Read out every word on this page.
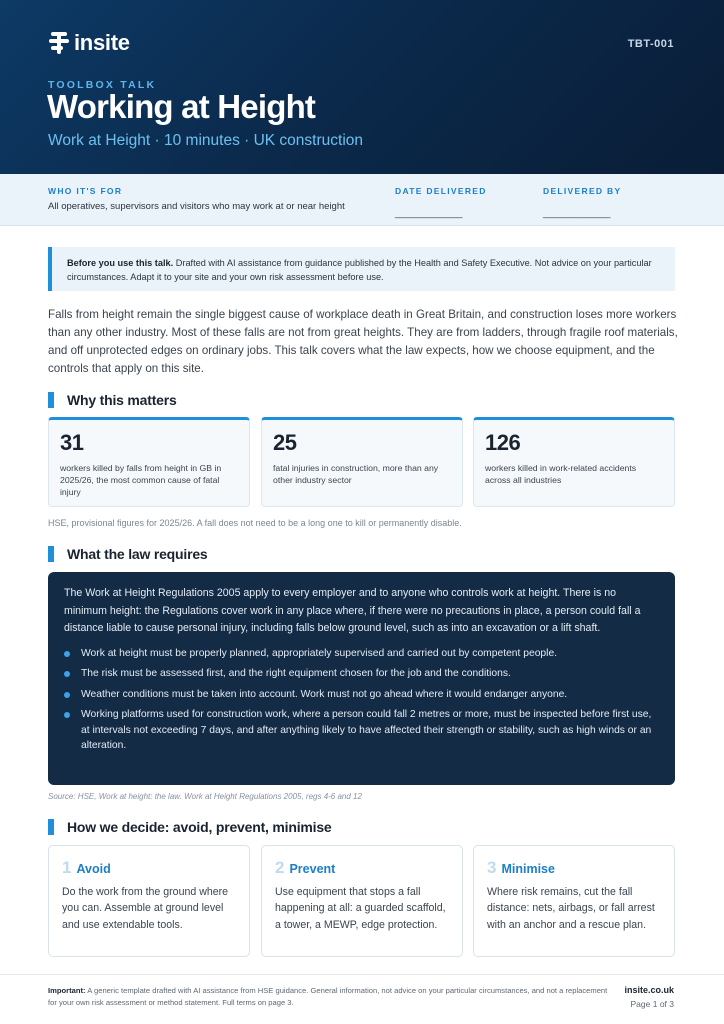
insite	TBT-001
TOOLBOX TALK
Working at Height
Work at Height · 10 minutes · UK construction
WHO IT'S FOR
All operatives, supervisors and visitors who may work at or near height
DATE DELIVERED
______________
DELIVERED BY
______________
Before you use this talk. Drafted with AI assistance from guidance published by the Health and Safety Executive. Not advice on your particular circumstances. Adapt it to your site and your own risk assessment before use.

Falls from height remain the single biggest cause of workplace death in Great Britain, and construction loses more workers than any other industry. Most of these falls are not from great heights. They are from ladders, through fragile roof materials, and off unprotected edges on ordinary jobs. This talk covers what the law expects, how we choose equipment, and the controls that apply on this site.

Why this matters
31
workers killed by falls from height in GB in 2025/26, the most common cause of fatal injury
25
fatal injuries in construction, more than any other industry sector
126
workers killed in work-related accidents across all industries
HSE, provisional figures for 2025/26. A fall does not need to be a long one to kill or permanently disable.
What the law requires

The Work at Height Regulations 2005 apply to every employer and to anyone who controls work at height. There is no minimum height: the Regulations cover work in any place where, if there were no precautions in place, a person could fall a distance liable to cause personal injury, including falls below ground level, such as into an excavation or a lift shaft.

Work at height must be properly planned, appropriately supervised and carried out by competent people.
The risk must be assessed first, and the right equipment chosen for the job and the conditions.
Weather conditions must be taken into account. Work must not go ahead where it would endanger anyone.
Working platforms used for construction work, where a person could fall 2 metres or more, must be inspected before first use, at intervals not exceeding 7 days, and after anything likely to have affected their strength or stability, such as high winds or an alteration.
Source: HSE, Work at height: the law. Work at Height Regulations 2005, regs 4-6 and 12
How we decide: avoid, prevent, minimise
1 Avoid
Do the work from the ground where you can. Assemble at ground level and use extendable tools.
2 Prevent
Use equipment that stops a fall happening at all: a guarded scaffold, a tower, a MEWP, edge protection.
3 Minimise
Where risk remains, cut the fall distance: nets, airbags, or fall arrest with an anchor and a rescue plan.
Important: A generic template drafted with AI assistance from HSE guidance. General information, not advice on your particular circumstances, and not a replacement for your own risk assessment or method statement. Full terms on page 3.
insite.co.uk
Page 1 of 3
